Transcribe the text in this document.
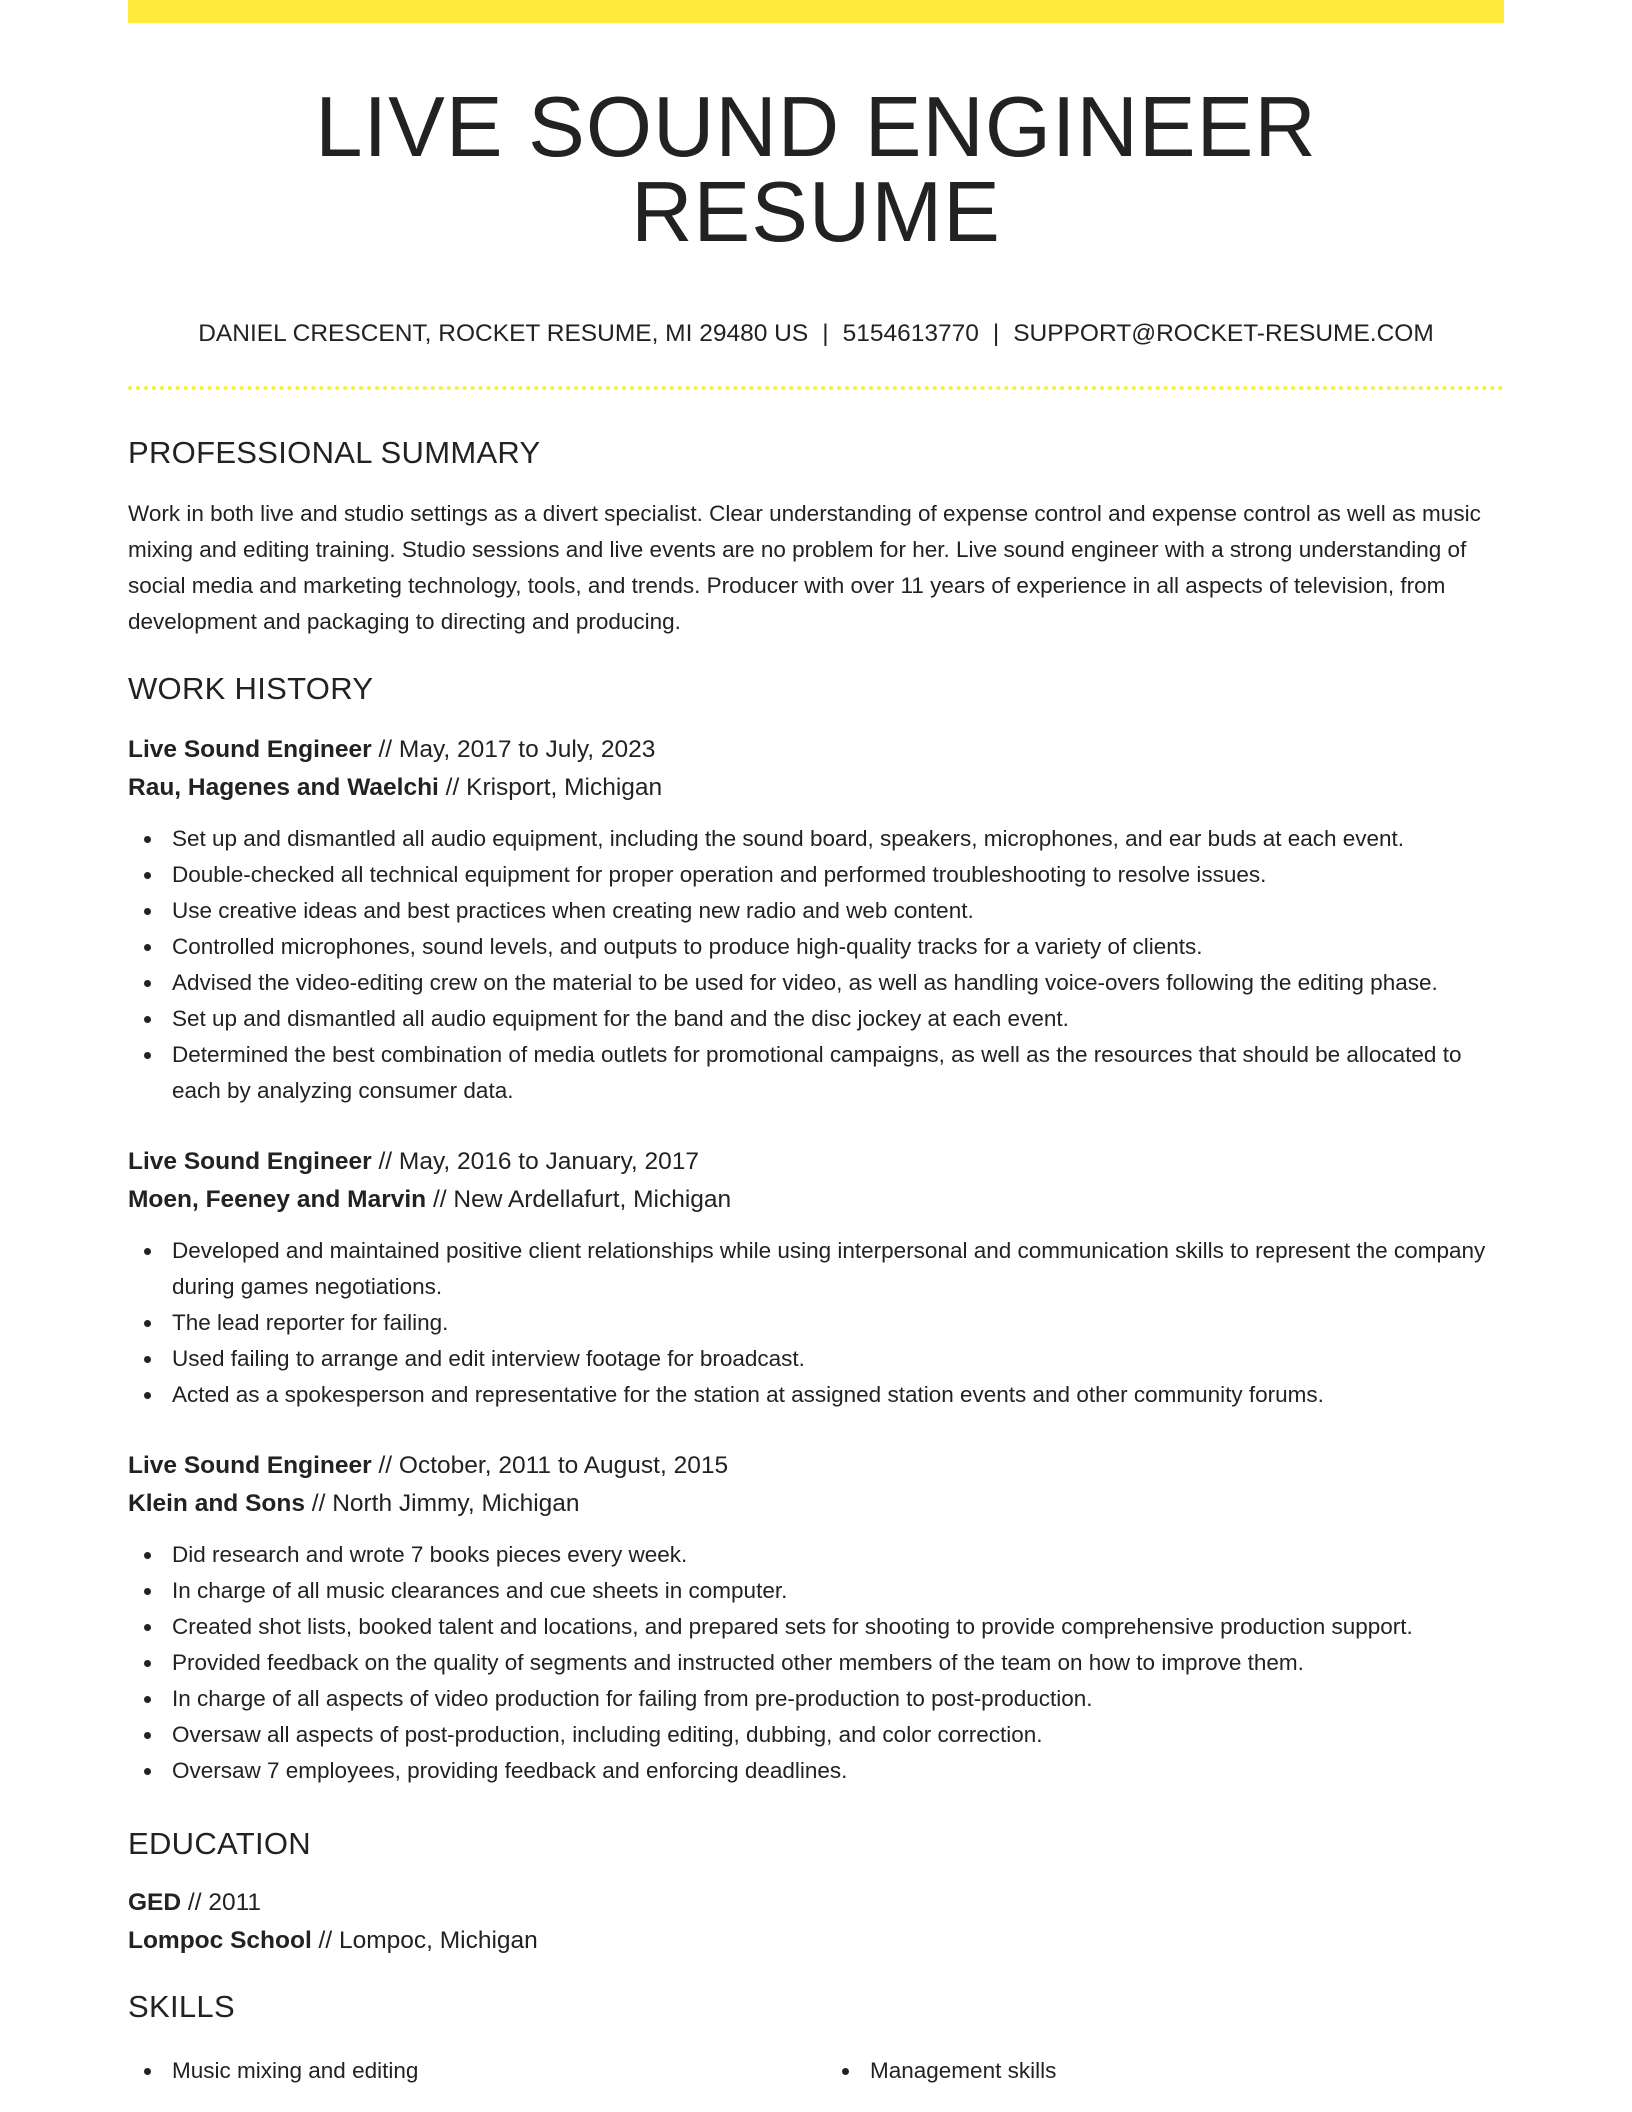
LIVE SOUND ENGINEER RESUME
DANIEL CRESCENT, ROCKET RESUME, MI 29480 US | 5154613770 | SUPPORT@ROCKET-RESUME.COM
PROFESSIONAL SUMMARY

Work in both live and studio settings as a divert specialist. Clear understanding of expense control and expense control as well as music mixing and editing training. Studio sessions and live events are no problem for her. Live sound engineer with a strong understanding of social media and marketing technology, tools, and trends. Producer with over 11 years of experience in all aspects of television, from development and packaging to directing and producing.

WORK HISTORY
Live Sound Engineer // May, 2017 to July, 2023
Rau, Hagenes and Waelchi // Krisport, Michigan
Set up and dismantled all audio equipment, including the sound board, speakers, microphones, and ear buds at each event.
Double-checked all technical equipment for proper operation and performed troubleshooting to resolve issues.
Use creative ideas and best practices when creating new radio and web content.
Controlled microphones, sound levels, and outputs to produce high-quality tracks for a variety of clients.
Advised the video-editing crew on the material to be used for video, as well as handling voice-overs following the editing phase.
Set up and dismantled all audio equipment for the band and the disc jockey at each event.
Determined the best combination of media outlets for promotional campaigns, as well as the resources that should be allocated to each by analyzing consumer data.
Live Sound Engineer // May, 2016 to January, 2017
Moen, Feeney and Marvin // New Ardellafurt, Michigan
Developed and maintained positive client relationships while using interpersonal and communication skills to represent the company during games negotiations.
The lead reporter for failing.
Used failing to arrange and edit interview footage for broadcast.
Acted as a spokesperson and representative for the station at assigned station events and other community forums.
Live Sound Engineer // October, 2011 to August, 2015
Klein and Sons // North Jimmy, Michigan
Did research and wrote 7 books pieces every week.
In charge of all music clearances and cue sheets in computer.
Created shot lists, booked talent and locations, and prepared sets for shooting to provide comprehensive production support.
Provided feedback on the quality of segments and instructed other members of the team on how to improve them.
In charge of all aspects of video production for failing from pre-production to post-production.
Oversaw all aspects of post-production, including editing, dubbing, and color correction.
Oversaw 7 employees, providing feedback and enforcing deadlines.
EDUCATION
GED // 2011
Lompoc School // Lompoc, Michigan
SKILLS
Music mixing and editing	Management skills
